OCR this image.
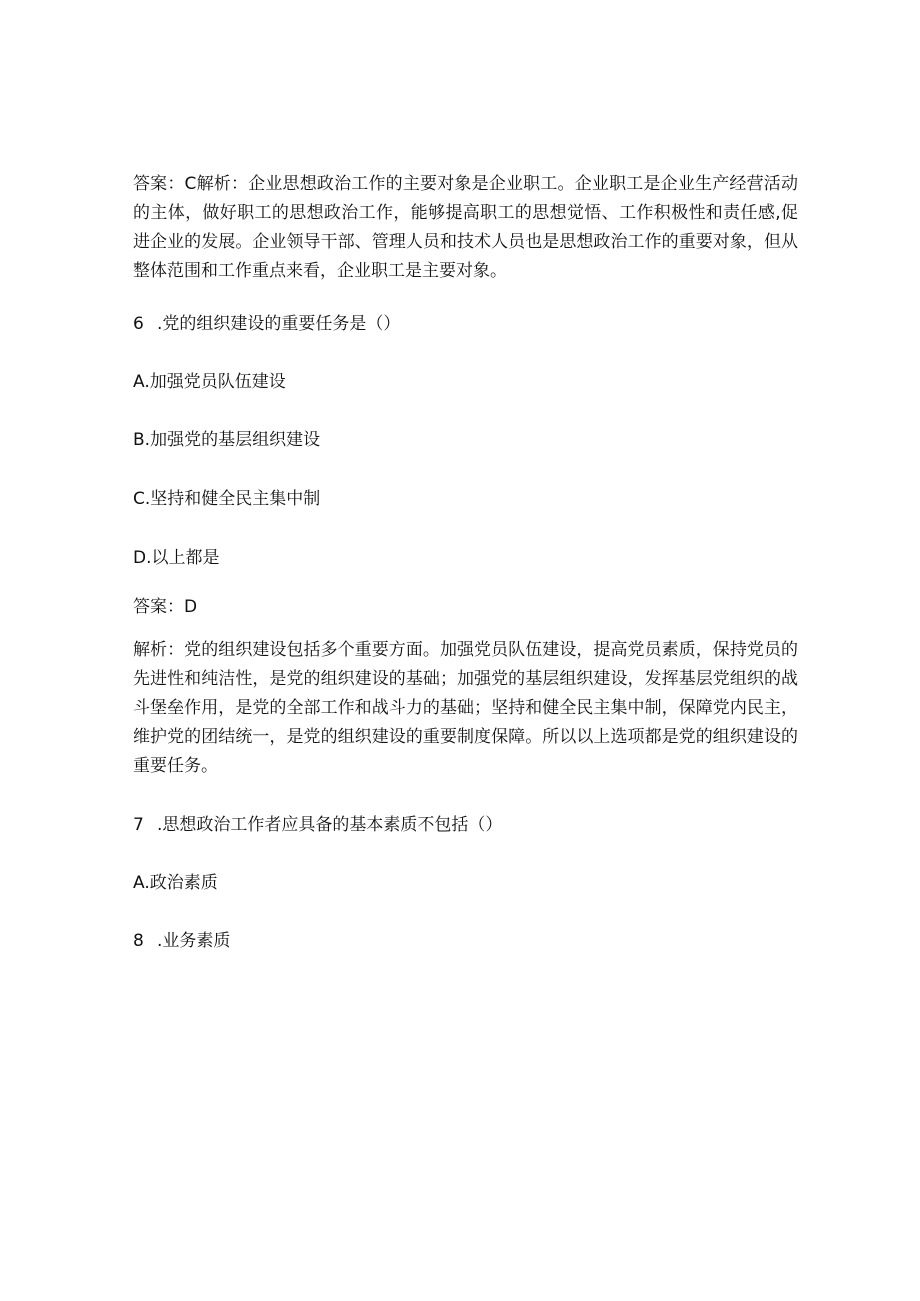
答案：C解析：企业思想政治工作的主要对象是企业职工。企业职工是企业生产经营活动的主体，做好职工的思想政治工作，能够提高职工的思想觉悟、工作积极性和责任感,促进企业的发展。企业领导干部、管理人员和技术人员也是思想政治工作的重要对象，但从整体范围和工作重点来看，企业职工是主要对象。

6 .党的组织建设的重要任务是（）

A.加强党员队伍建设

B.加强党的基层组织建设

C.坚持和健全民主集中制

D.以上都是

答案：D

解析：党的组织建设包括多个重要方面。加强党员队伍建设，提高党员素质，保持党员的先进性和纯洁性，是党的组织建设的基础；加强党的基层组织建设，发挥基层党组织的战斗堡垒作用，是党的全部工作和战斗力的基础；坚持和健全民主集中制，保障党内民主，维护党的团结统一，是党的组织建设的重要制度保障。所以以上选项都是党的组织建设的重要任务。

7 .思想政治工作者应具备的基本素质不包括（）

A.政治素质

8 .业务素质
